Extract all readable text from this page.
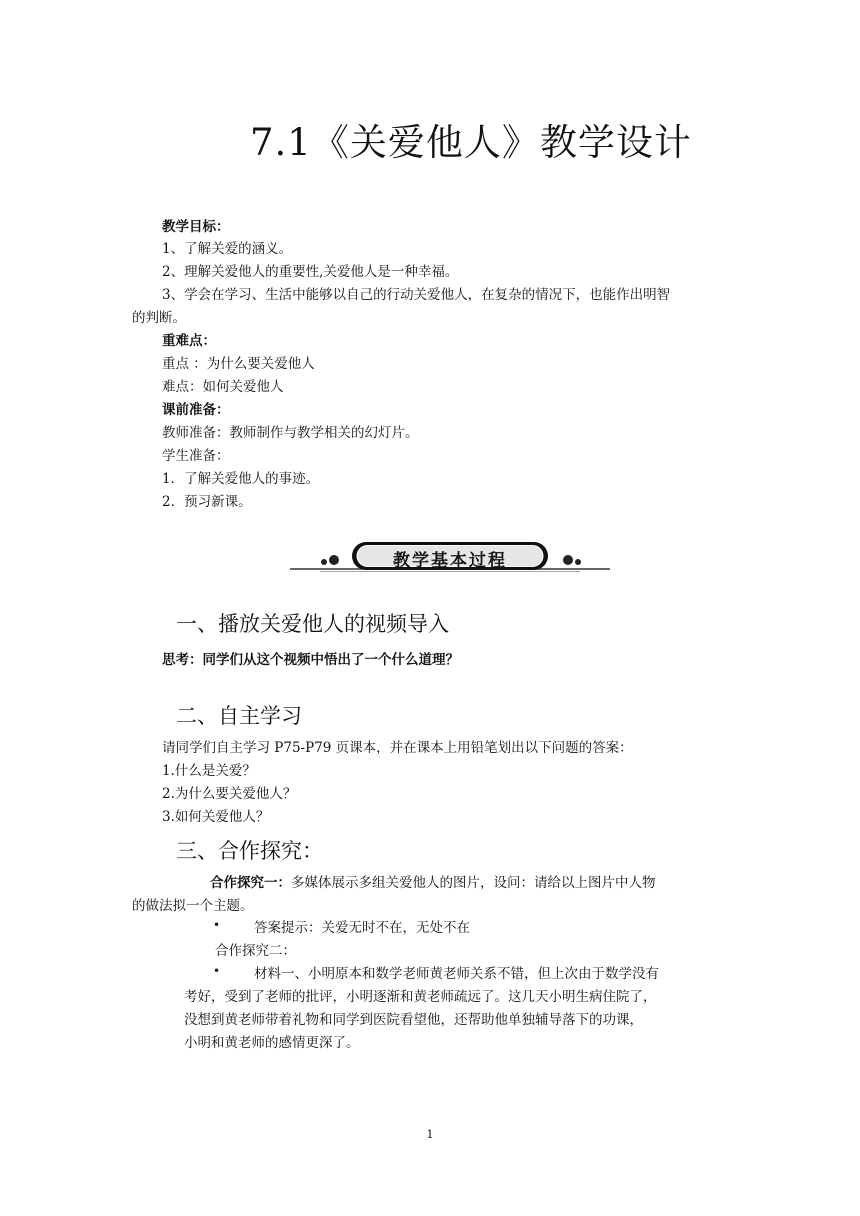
7.1《关爱他人》教学设计
教学目标：
1、了解关爱的涵义。
2、理解关爱他人的重要性,关爱他人是一种幸福。
3、学会在学习、生活中能够以自己的行动关爱他人，在复杂的情况下，也能作出明智
的判断。
重难点：
重点 ：为什么要关爱他人
难点：如何关爱他人
课前准备：
教师准备：教师制作与教学相关的幻灯片。
学生准备：
1．了解关爱他人的事迹。
2．预习新课。
教学基本过程
一、播放关爱他人的视频导入
思考：同学们从这个视频中悟出了一个什么道理？
二、自主学习
请同学们自主学习 P75-P79 页课本，并在课本上用铅笔划出以下问题的答案：
1.什么是关爱？
2.为什么要关爱他人？
3.如何关爱他人？
三、合作探究：
合作探究一：多媒体展示多组关爱他人的图片，设问：请给以上图片中人物
的做法拟一个主题。
•	答案提示：关爱无时不在，无处不在
合作探究二：
•	材料一、小明原本和数学老师黄老师关系不错，但上次由于数学没有
考好，受到了老师的批评，小明逐渐和黄老师疏远了。这几天小明生病住院了，
没想到黄老师带着礼物和同学到医院看望他，还帮助他单独辅导落下的功课，
小明和黄老师的感情更深了。
1
